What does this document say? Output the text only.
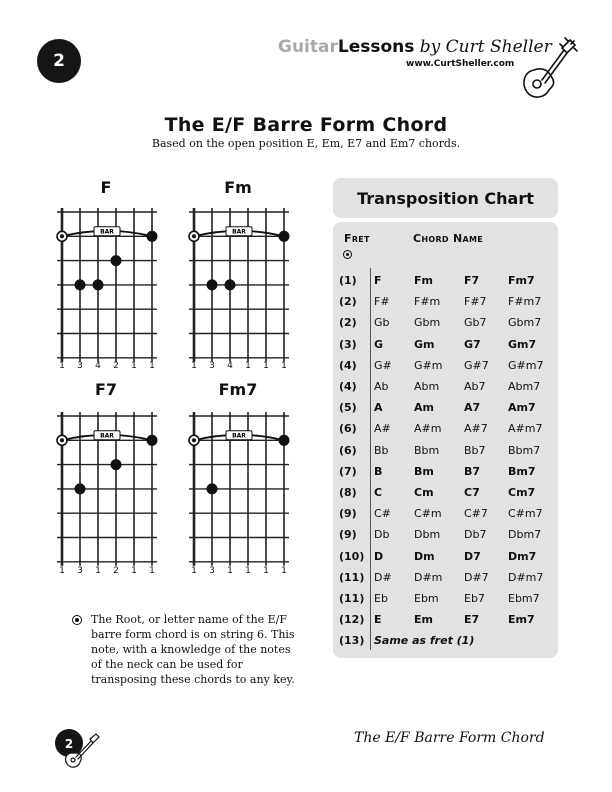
2
GuitarLessons by Curt Sheller
www.CurtSheller.com
The E/F Barre Form Chord
Based on the open position E, Em, E7 and Em7 chords.
F	Fm
F7	Fm7
BAR	BAR
BAR	BAR
1 3 4 2 1 1	1 3 4 1 1 1
1 3 1 2 1 1	1 3 1 1 1 1
Transposition Chart
Fret	Chord Name
(1) F	Fm	F7	Fm7
(2) F# F#m F#7 F#m7
(2) Gb Gbm Gb7 Gbm7
(3) G	Gm	G7 Gm7
(4) G# G#m G#7 G#m7
(4) Ab Abm Ab7 Abm7
(5) A	Am	A7	Am7
(6) A# A#m A#7 A#m7
(6) Bb Bbm Bb7 Bbm7
(7) B	Bm	B7	Bm7
(8) C	Cm	C7	Cm7
(9) C# C#m C#7 C#m7
(9) Db Dbm Db7 Dbm7
(10) D	Dm	D7 Dm7
(11) D# D#m D#7 D#m7
(11) Eb Ebm Eb7 Ebm7
(12) E	Em	E7	Em7
(13) Same as fret (1)
The Root, or letter name of the E/F barre form chord is on string 6. This note, with a knowledge of the notes of the neck can be used for transposing these chords to any key.
2	The E/F Barre Form Chord
